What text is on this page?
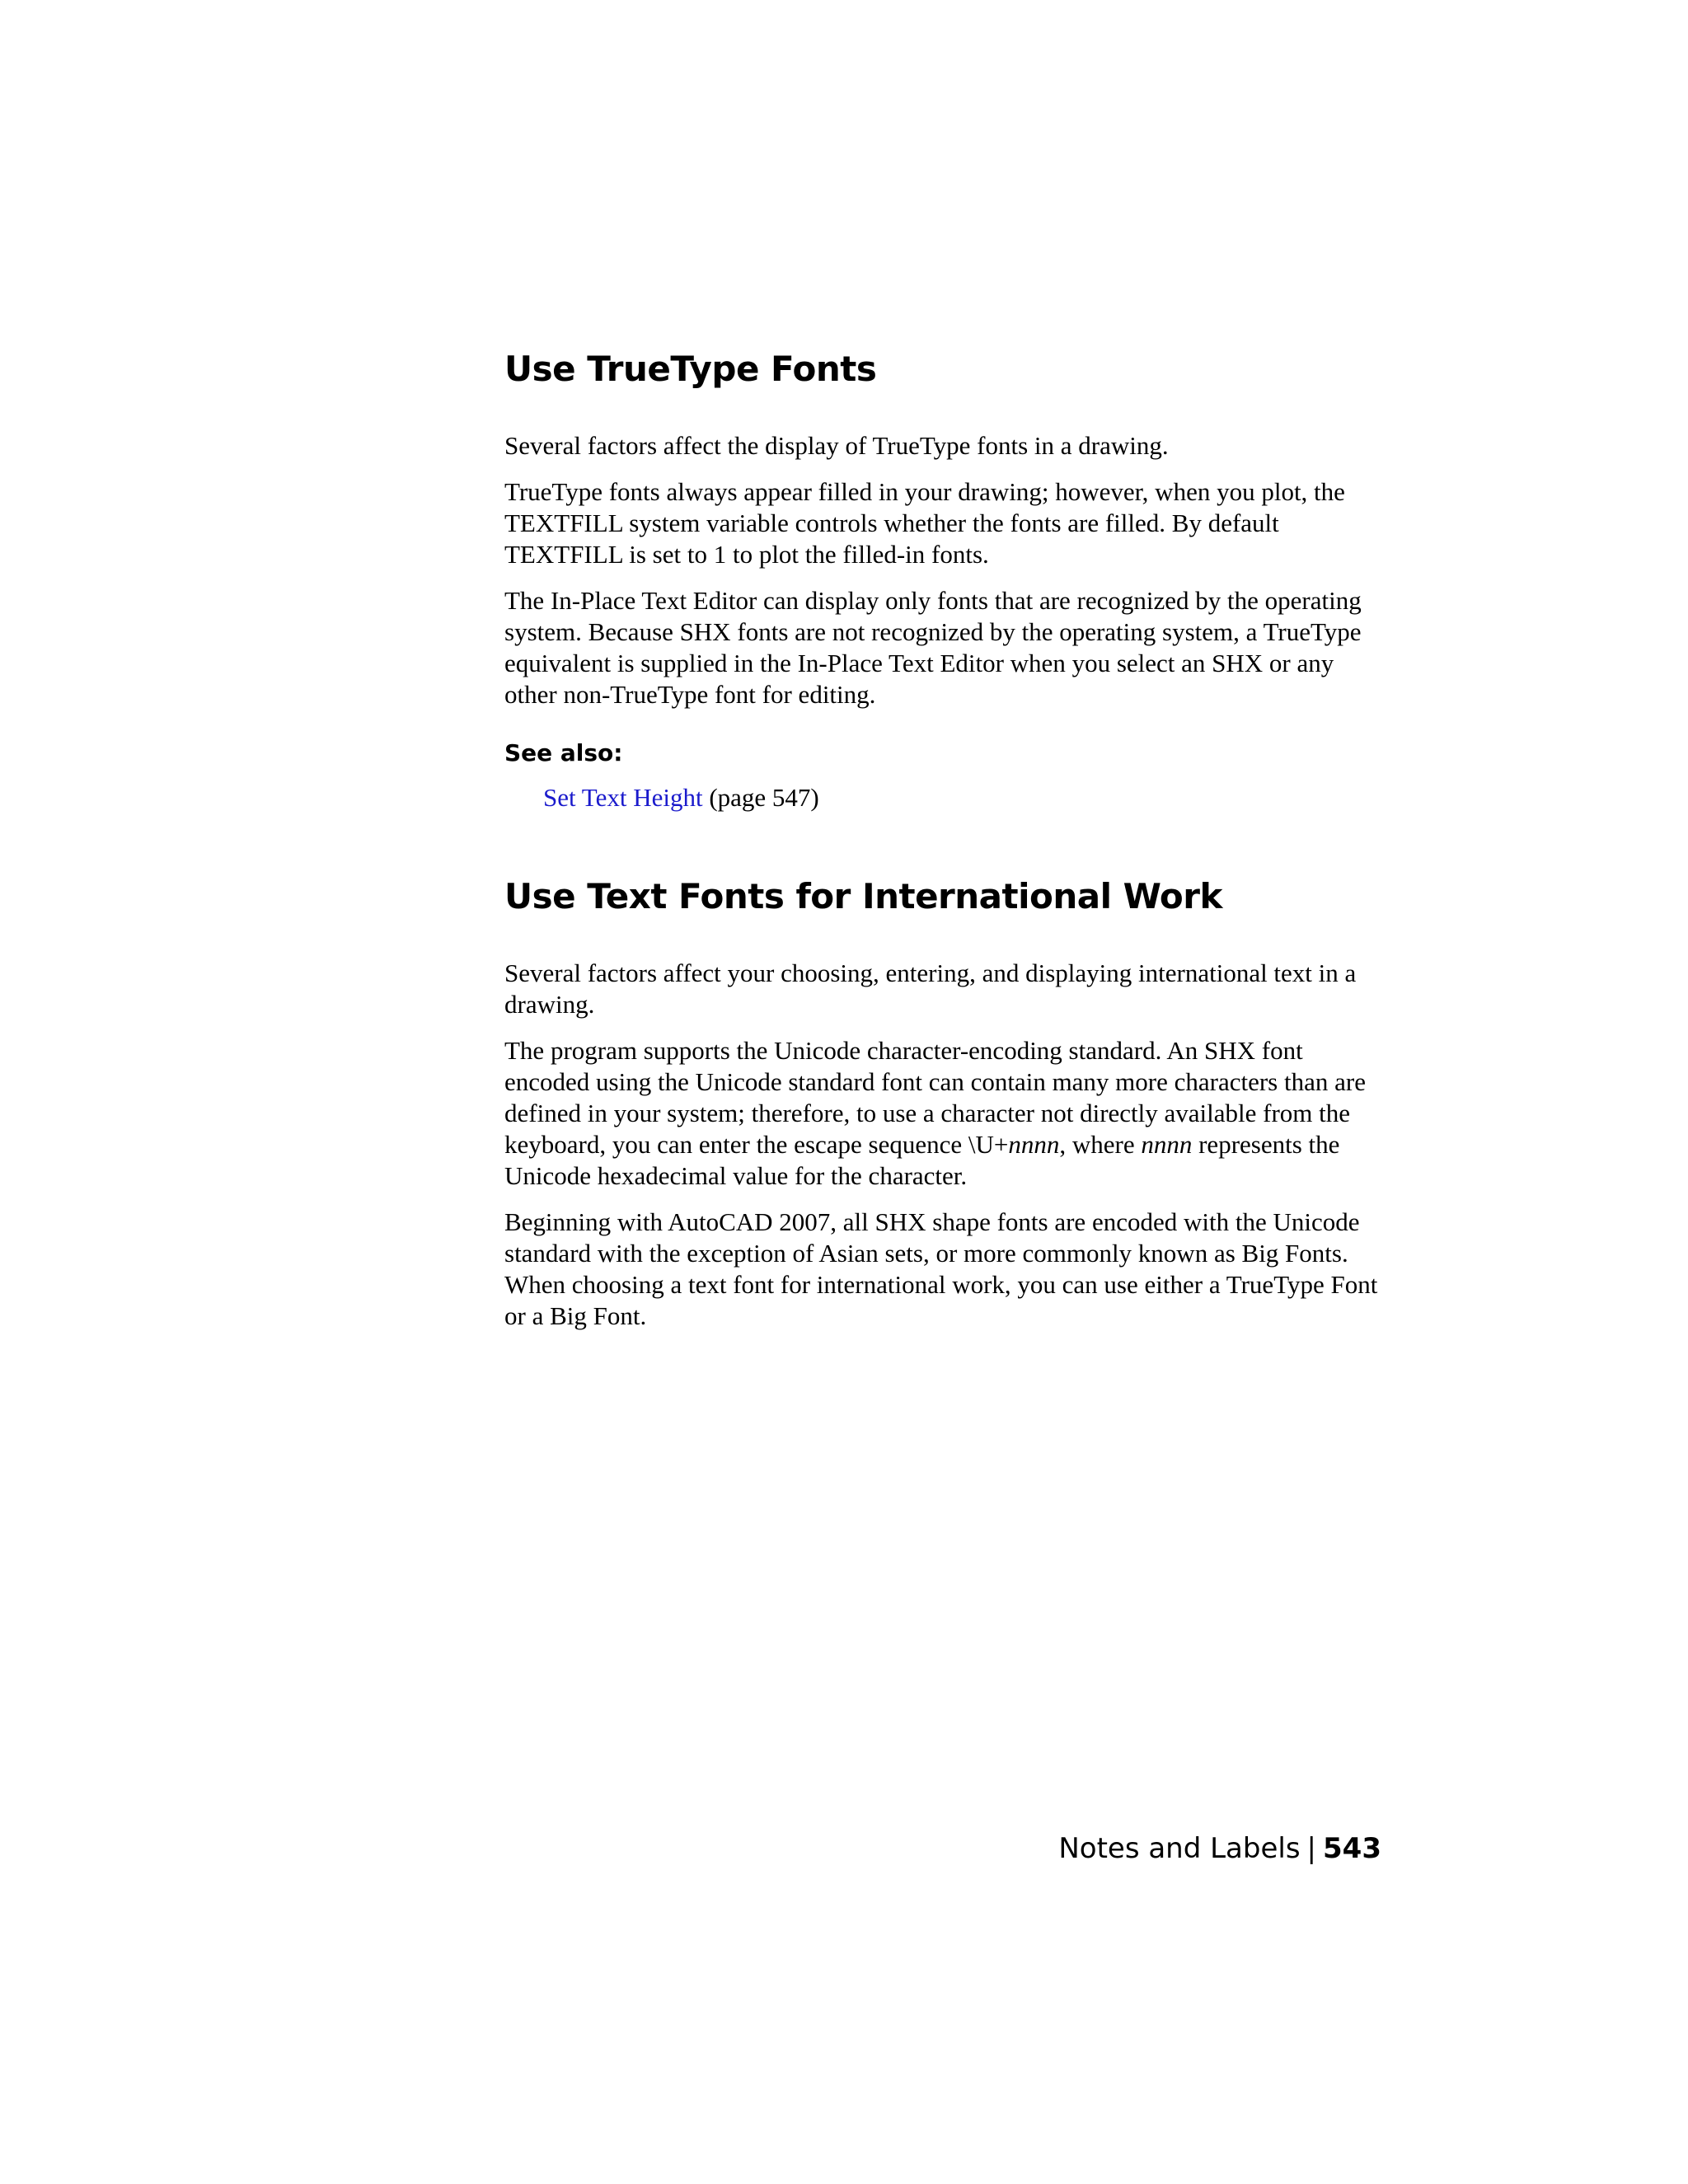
Use TrueType Fonts

Several factors affect the display of TrueType fonts in a drawing.

TrueType fonts always appear filled in your drawing; however, when you plot, the TEXTFILL system variable controls whether the fonts are filled. By default TEXTFILL is set to 1 to plot the filled-in fonts.

The In-Place Text Editor can display only fonts that are recognized by the operating system. Because SHX fonts are not recognized by the operating system, a TrueType equivalent is supplied in the In-Place Text Editor when you select an SHX or any other non-TrueType font for editing.

See also:
Set Text Height (page 547)
Use Text Fonts for International Work

Several factors affect your choosing, entering, and displaying international text in a drawing.

The program supports the Unicode character-encoding standard. An SHX font encoded using the Unicode standard font can contain many more characters than are defined in your system; therefore, to use a character not directly available from the keyboard, you can enter the escape sequence \U+nnnn, where nnnn represents the Unicode hexadecimal value for the character.

Beginning with AutoCAD 2007, all SHX shape fonts are encoded with the Unicode standard with the exception of Asian sets, or more commonly known as Big Fonts. When choosing a text font for international work, you can use either a TrueType Font or a Big Font.

Notes and Labels | 543
